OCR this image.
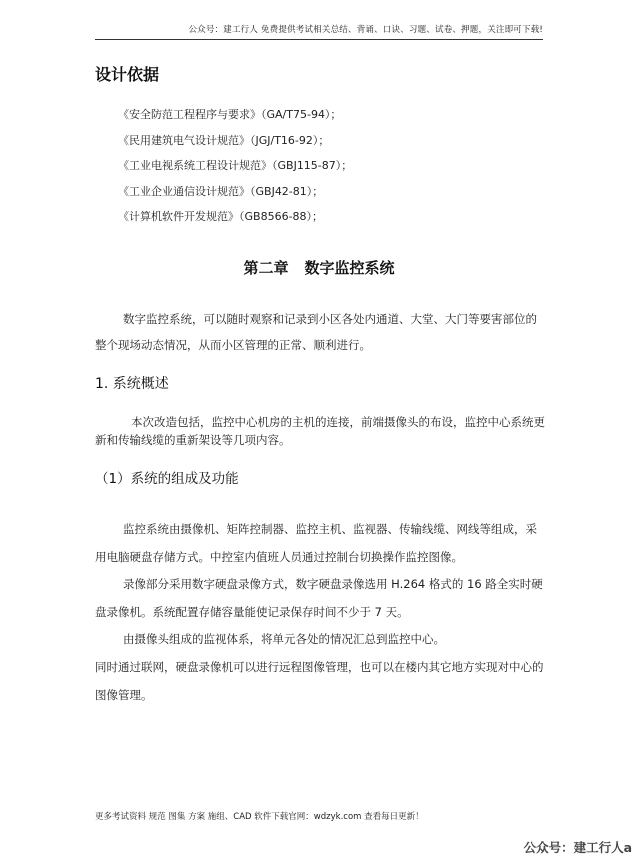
公众号：建工行人 免费提供考试相关总结、背诵、口诀、习题、试卷、押题，关注即可下载!
设计依据
《安全防范工程程序与要求》（GA/T75-94）；
《民用建筑电气设计规范》（JGJ/T16-92）；
《工业电视系统工程设计规范》（GBJ115-87）；
《工业企业通信设计规范》（GBJ42-81）；
《计算机软件开发规范》（GB8566-88）；
第二章 数字监控系统

数字监控系统，可以随时观察和记录到小区各处内通道、大堂、大门等要害部位的整个现场动态情况，从而小区管理的正常、顺利进行。

1. 系统概述

本次改造包括，监控中心机房的主机的连接，前端摄像头的布设，监控中心系统更新和传输线缆的重新架设等几项内容。

（1）系统的组成及功能

监控系统由摄像机、矩阵控制器、监控主机、监视器、传输线缆、网线等组成，采用电脑硬盘存储方式。中控室内值班人员通过控制台切换操作监控图像。

录像部分采用数字硬盘录像方式，数字硬盘录像选用 H.264 格式的 16 路全实时硬盘录像机。系统配置存储容量能使记录保存时间不少于 7 天。

由摄像头组成的监视体系，将单元各处的情况汇总到监控中心。

同时通过联网，硬盘录像机可以进行远程图像管理，也可以在楼内其它地方实现对中心的图像管理。

更多考试资料 规范 图集 方案 施组、CAD 软件下载官网：wdzyk.com 查看每日更新！
公众号：建工行人a
